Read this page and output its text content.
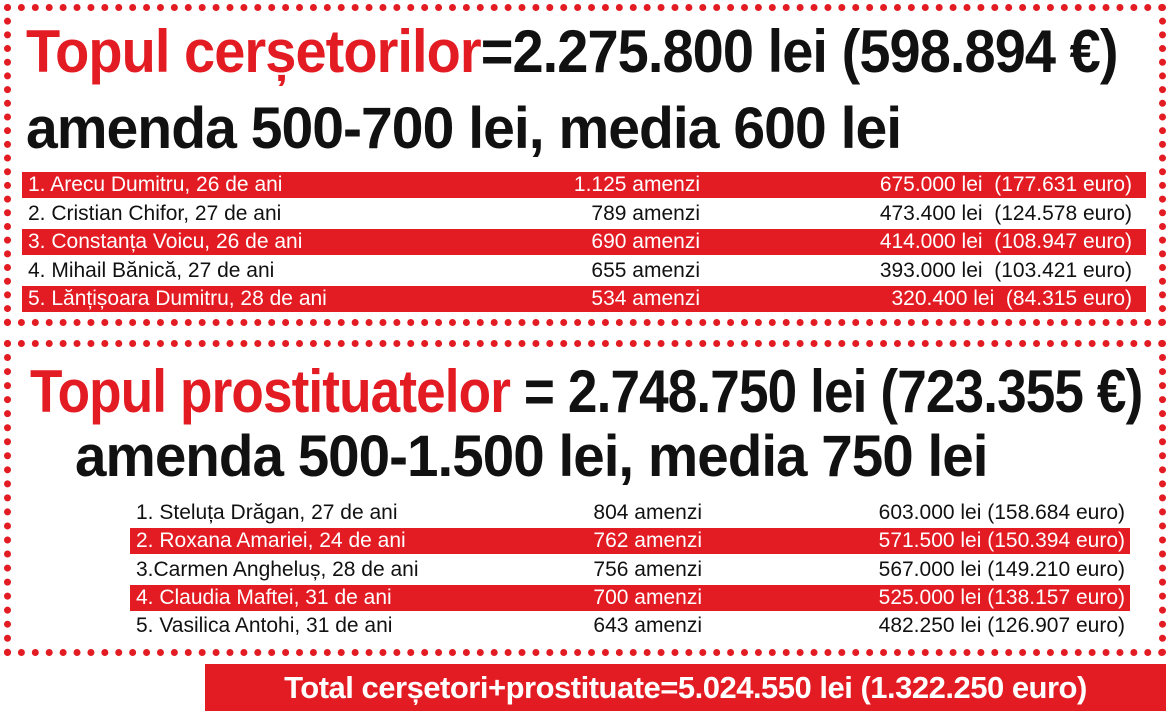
Topul cerșetorilor=2.275.800 lei (598.894 €)
amenda 500-700 lei, media 600 lei
1. Arecu Dumitru, 26 de ani	1.125 amenzi	675.000 lei  (177.631 euro)
2. Cristian Chifor, 27 de ani	789 amenzi	473.400 lei  (124.578 euro)
3. Constanța Voicu, 26 de ani	690 amenzi	414.000 lei  (108.947 euro)
4. Mihail Bănică, 27 de ani	655 amenzi	393.000 lei  (103.421 euro)
5. Lănțișoara Dumitru, 28 de ani	534 amenzi	320.400 lei  (84.315 euro)
Topul prostituatelor = 2.748.750 lei (723.355 €)
amenda 500-1.500 lei, media 750 lei
1. Steluța Drăgan, 27 de ani	804 amenzi	603.000 lei (158.684 euro)
2. Roxana Amariei, 24 de ani	762 amenzi	571.500 lei (150.394 euro)
3.Carmen Angheluș, 28 de ani	756 amenzi	567.000 lei (149.210 euro)
4. Claudia Maftei, 31 de ani	700 amenzi	525.000 lei (138.157 euro)
5. Vasilica Antohi, 31 de ani	643 amenzi	482.250 lei (126.907 euro)
Total cerșetori+prostituate=5.024.550 lei (1.322.250 euro)
